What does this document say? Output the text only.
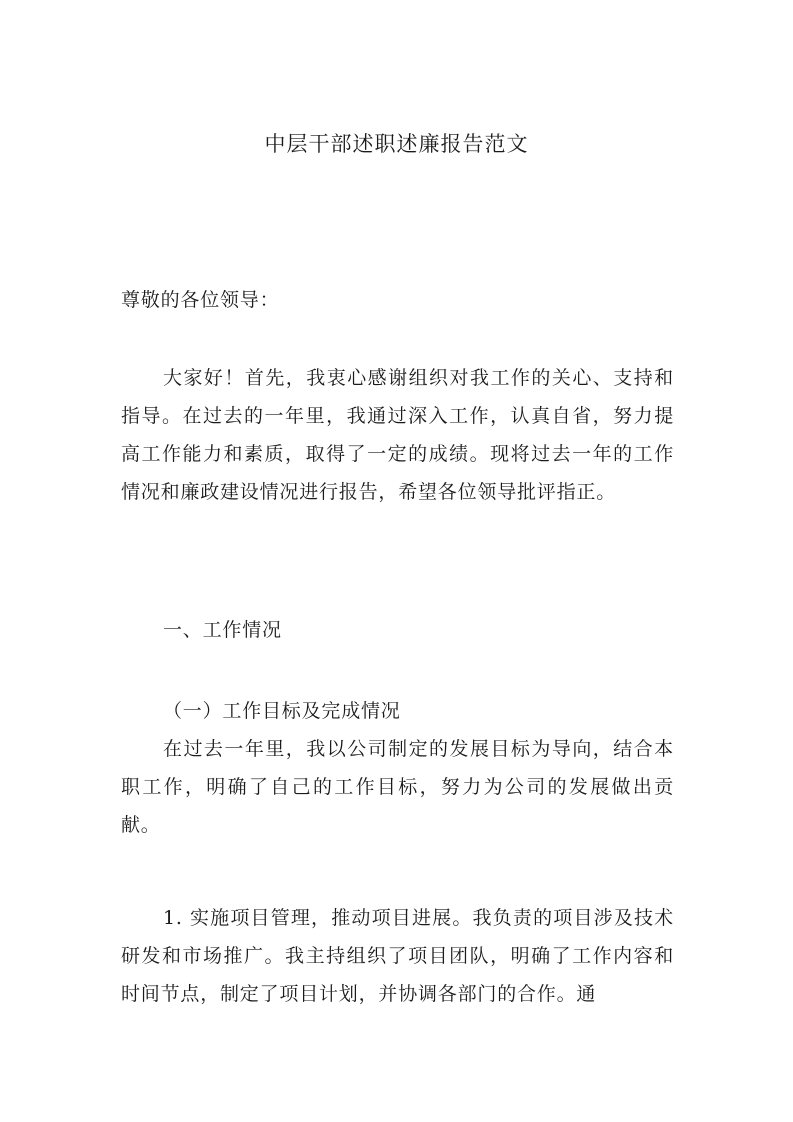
中层干部述职述廉报告范文

尊敬的各位领导：

大家好！首先，我衷心感谢组织对我工作的关心、支持和指导。在过去的一年里，我通过深入工作，认真自省，努力提高工作能力和素质，取得了一定的成绩。现将过去一年的工作情况和廉政建设情况进行报告，希望各位领导批评指正。

一、工作情况

（一）工作目标及完成情况

在过去一年里，我以公司制定的发展目标为导向，结合本职工作，明确了自己的工作目标，努力为公司的发展做出贡献。

1. 实施项目管理，推动项目进展。我负责的项目涉及技术研发和市场推广。我主持组织了项目团队，明确了工作内容和时间节点，制定了项目计划，并协调各部门的合作。通
